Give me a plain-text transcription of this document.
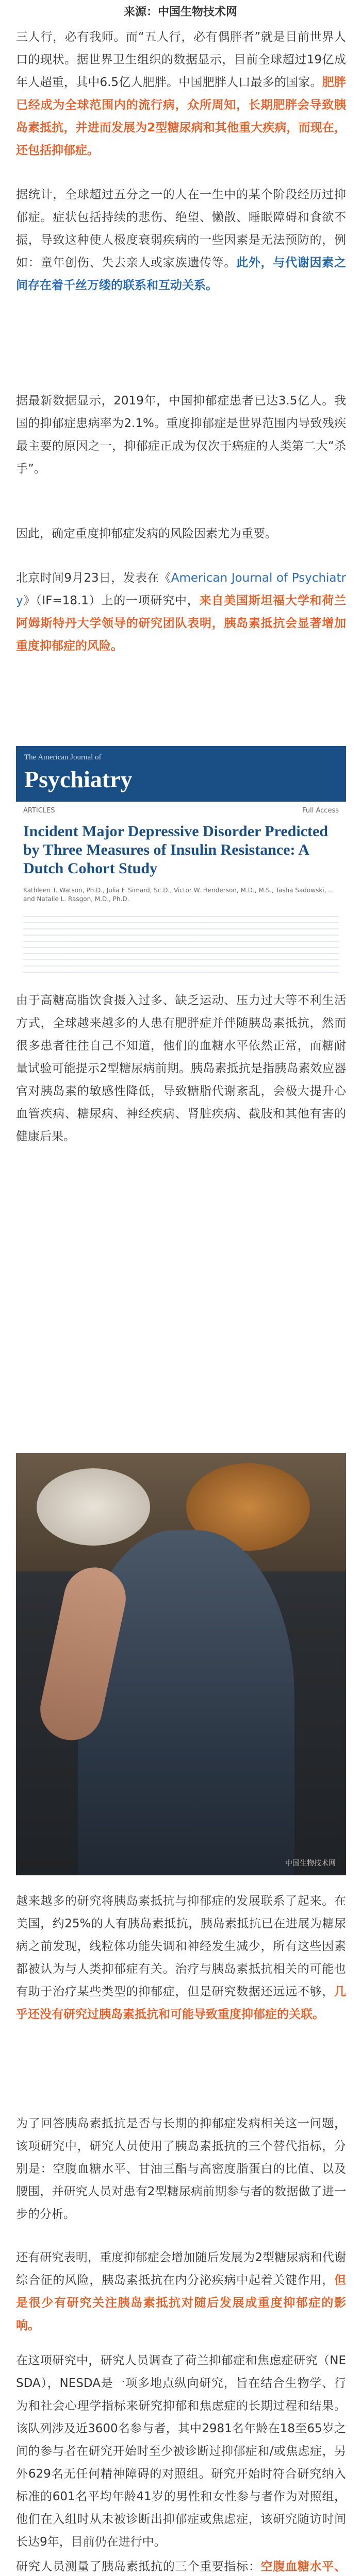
来源：中国生物技术网

三人行，必有我师。而“五人行，必有偶胖者”就是目前世界人口的现状。据世界卫生组织的数据显示，目前全球超过19亿成年人超重，其中6.5亿人肥胖。中国肥胖人口最多的国家。肥胖已经成为全球范围内的流行病，众所周知，长期肥胖会导致胰岛素抵抗，并进而发展为2型糖尿病和其他重大疾病，而现在，还包括抑郁症。

据统计，全球超过五分之一的人在一生中的某个阶段经历过抑郁症。症状包括持续的悲伤、绝望、懒散、睡眠障碍和食欲不振，导致这种使人极度衰弱疾病的一些因素是无法预防的，例如：童年创伤、失去亲人或家族遗传等。此外，与代谢因素之间存在着千丝万缕的联系和互动关系。

据最新数据显示，2019年，中国抑郁症患者已达3.5亿人。我国的抑郁症患病率为2.1%。重度抑郁症是世界范围内导致残疾最主要的原因之一，抑郁症正成为仅次于癌症的人类第二大“杀手”。

因此，确定重度抑郁症发病的风险因素尤为重要。

北京时间9月23日，发表在《American Journal of Psychiatry》（IF=18.1）上的一项研究中，来自美国斯坦福大学和荷兰阿姆斯特丹大学领导的研究团队表明，胰岛素抵抗会显著增加重度抑郁症的风险。

The American Journal of
Psychiatry
ARTICLES	Full Access
Incident Major Depressive Disorder Predicted by Three Measures of Insulin Resistance: A Dutch Cohort Study
Kathleen T. Watson, Ph.D., Julia F. Simard, Sc.D., Victor W. Henderson, M.D., M.S., Tasha Sadowski, ... and Natalie L. Rasgon, M.D., Ph.D.

由于高糖高脂饮食摄入过多、缺乏运动、压力过大等不利生活方式，全球越来越多的人患有肥胖症并伴随胰岛素抵抗，然而很多患者往往自己不知道，他们的血糖水平依然正常，而糖耐量试验可能提示2型糖尿病前期。胰岛素抵抗是指胰岛素效应器官对胰岛素的敏感性降低，导致糖脂代谢紊乱，会极大提升心血管疾病、糖尿病、神经疾病、肾脏疾病、截肢和其他有害的健康后果。

中国生物技术网

越来越多的研究将胰岛素抵抗与抑郁症的发展联系了起来。在美国，约25%的人有胰岛素抵抗，胰岛素抵抗已在进展为糖尿病之前发现，线粒体功能失调和神经发生减少，所有这些因素都被认为与人类抑郁症有关。治疗与胰岛素抵抗相关的可能也有助于治疗某些类型的抑郁症，但是研究数据还远远不够，几乎还没有研究过胰岛素抵抗和可能导致重度抑郁症的关联。

为了回答胰岛素抵抗是否与长期的抑郁症发病相关这一问题，该项研究中，研究人员使用了胰岛素抵抗的三个替代指标，分别是：空腹血糖水平、甘油三酯与高密度脂蛋白的比值、以及腰围，并研究人员对患有2型糖尿病前期参与者的数据做了进一步的分析。

还有研究表明，重度抑郁症会增加随后发展为2型糖尿病和代谢综合征的风险，胰岛素抵抗在内分泌疾病中起着关键作用，但是很少有研究关注胰岛素抵抗对随后发展成重度抑郁症的影响。

在这项研究中，研究人员调查了荷兰抑郁症和焦虑症研究（NESDA），NESDA是一项多地点纵向研究，旨在结合生物学、行为和社会心理学指标来研究抑郁和焦虑症的长期过程和结果。该队列涉及近3600名参与者，其中2981名年龄在18至65岁之间的参与者在研究开始时至少被诊断过抑郁症和/或焦虑症，另外629名无任何精神障碍的对照组。研究开始时符合研究纳入标准的601名平均年龄41岁的男性和女性参与者作为对照组，他们在入组时从未被诊断出抑郁症或焦虑症，该研究随访时间长达9年，目前仍在进行中。

研究人员测量了胰岛素抵抗的三个重要指标：空腹血糖水平、
